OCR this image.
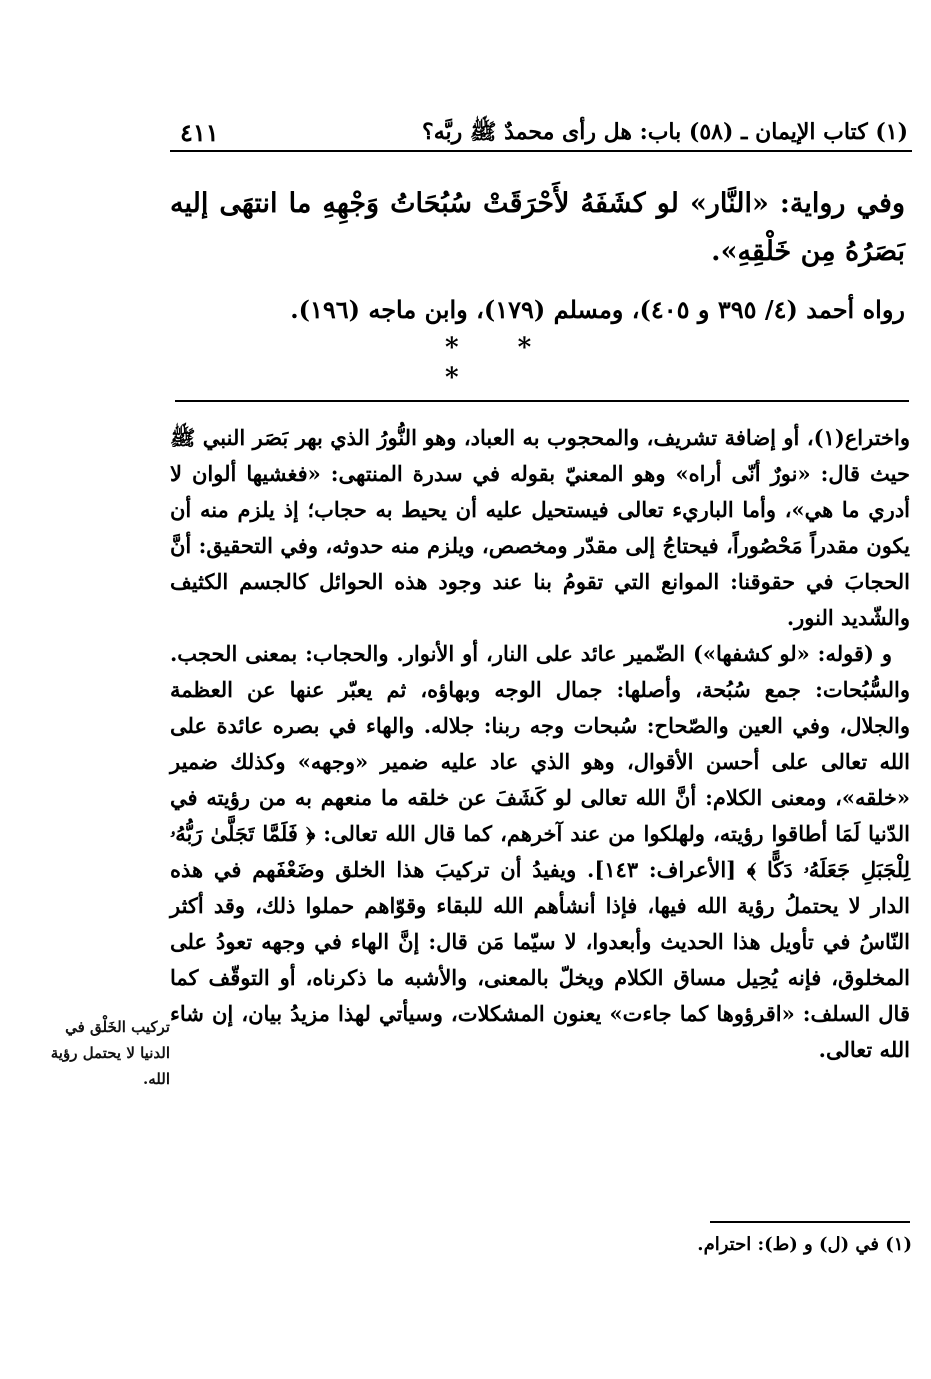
(١) كتاب الإيمان ـ (٥٨) باب: هل رأى محمدٌ ﷺ ربَّه؟
٤١١
وفي رواية: «النَّار» لو كشَفَهُ لأَحْرَقَتْ سُبُحَاتُ وَجْهِهِ ما انتهَى إليه بَصَرُهُ مِن خَلْقِهِ».
رواه أحمد (٤/ ٣٩٥ و ٤٠٥)، ومسلم (١٧٩)، وابن ماجه (١٩٦).
* * *

واختراع(١)، أو إضافة تشريف، والمحجوب به العباد، وهو النُّورُ الذي بهر بَصَر النبي ﷺ حيث قال: «نورٌ أنّى أراه» وهو المعنيّ بقوله في سدرة المنتهى: «فغشيها ألوان لا أدري ما هي»، وأما الباريء تعالى فيستحيل عليه أن يحيط به حجاب؛ إذ يلزم منه أن يكون مقدراً مَحْصُوراً، فيحتاجُ إلى مقدّر ومخصص، ويلزم منه حدوثه، وفي التحقيق: أنَّ الحجابَ في حقوقنا: الموانع التي تقومُ بنا عند وجود هذه الحوائل كالجسم الكثيف والشّديد النور.

و (قوله: «لو كشفها») الضّمير عائد على النار، أو الأنوار. والحجاب: بمعنى الحجب. والسُّبُحات: جمع سُبُحة، وأصلها: جمال الوجه وبهاؤه، ثم يعبّر عنها عن العظمة والجلال، وفي العين والصّحاح: سُبحات وجه ربنا: جلاله. والهاء في بصره عائدة على الله تعالى على أحسن الأقوال، وهو الذي عاد عليه ضمير «وجهه» وكذلك ضمير «خلقه»، ومعنى الكلام: أنَّ الله تعالى لو كَشَفَ عن خلقه ما منعهم به من رؤيته في الدّنيا لَمَا أطاقوا رؤيته، ولهلكوا من عند آخرهم، كما قال الله تعالى: ﴿ فَلَمَّا تَجَلَّىٰ رَبُّهُۥ لِلْجَبَلِ جَعَلَهُۥ دَكًّا ﴾ [الأعراف: ١٤٣]. ويفيدُ أن تركيبَ هذا الخلق وضَعْفَهم في هذه الدار لا يحتملُ رؤية الله فيها، فإذا أنشأهم الله للبقاء وقوّاهم حملوا ذلك، وقد أكثر النّاسُ في تأويل هذا الحديث وأبعدوا، لا سيّما مَن قال: إنَّ الهاء في وجهه تعودُ على المخلوق، فإنه يُحِيل مساق الكلام ويخلّ بالمعنى، والأشبه ما ذكرناه، أو التوقّف كما قال السلف: «اقرؤوها كما جاءت» يعنون المشكلات، وسيأتي لهذا مزيدُ بيان، إن شاء الله تعالى.

تركيب الخَلْق في الدنيا لا يحتمل رؤية الله.
(١) في (ل) و (ط): احترام.
